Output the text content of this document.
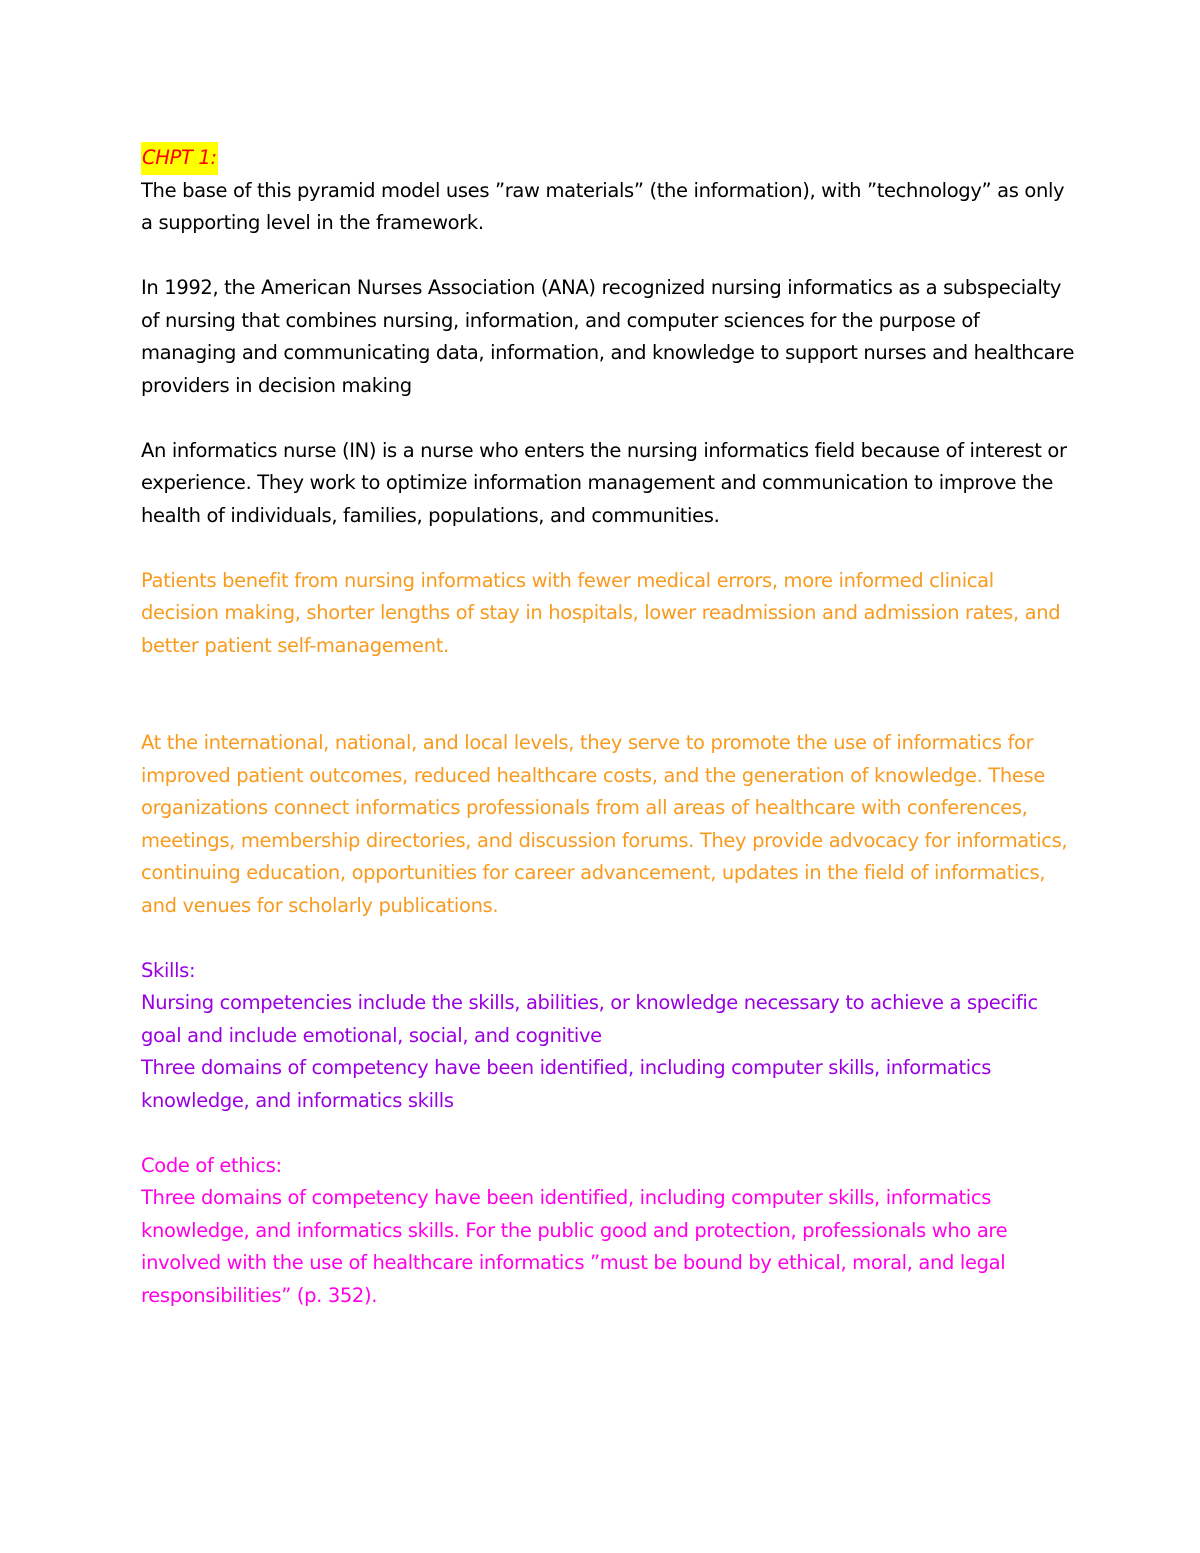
CHPT 1:

The base of this pyramid model uses ”raw materials” (the information), with ”technology” as only a supporting level in the framework.

In 1992, the American Nurses Association (ANA) recognized nursing informatics as a subspecialty of nursing that combines nursing, information, and computer sciences for the purpose of managing and communicating data, information, and knowledge to support nurses and healthcare providers in decision making

An informatics nurse (IN) is a nurse who enters the nursing informatics field because of interest or experience. They work to optimize information management and communication to improve the health of individuals, families, populations, and communities.

Patients benefit from nursing informatics with fewer medical errors, more informed clinical decision making, shorter lengths of stay in hospitals, lower readmission and admission rates, and better patient self-management.

At the international, national, and local levels, they serve to promote the use of informatics for improved patient outcomes, reduced healthcare costs, and the generation of knowledge. These organizations connect informatics professionals from all areas of healthcare with conferences, meetings, membership directories, and discussion forums. They provide advocacy for informatics, continuing education, opportunities for career advancement, updates in the field of informatics, and venues for scholarly publications.

Skills:

Nursing competencies include the skills, abilities, or knowledge necessary to achieve a specific goal and include emotional, social, and cognitive

Three domains of competency have been identified, including computer skills, informatics knowledge, and informatics skills

Code of ethics:

Three domains of competency have been identified, including computer skills, informatics knowledge, and informatics skills. For the public good and protection, professionals who are involved with the use of healthcare informatics ”must be bound by ethical, moral, and legal responsibilities” (p. 352).
